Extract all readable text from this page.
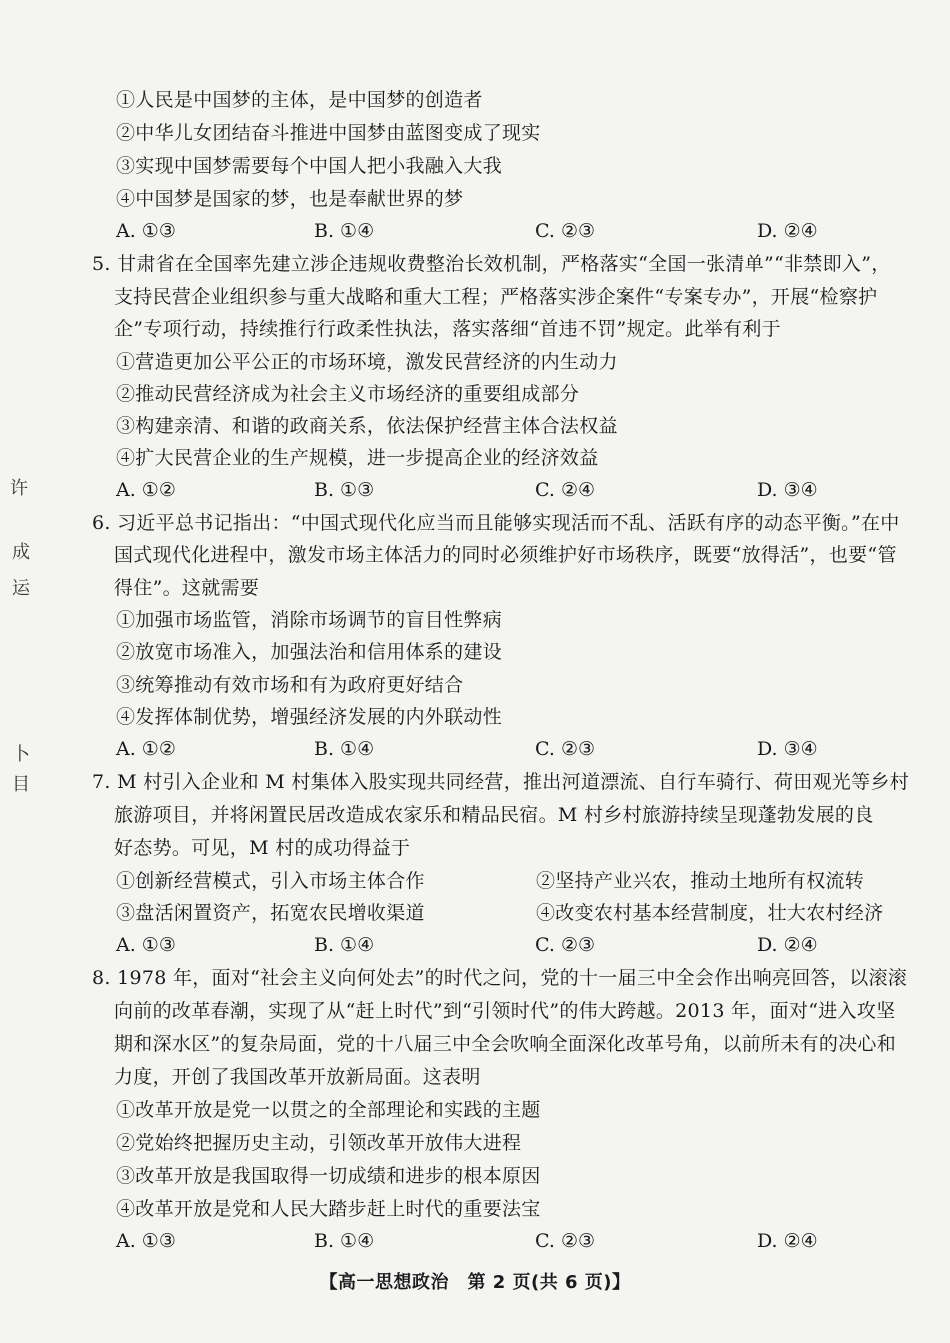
①人民是中国梦的主体，是中国梦的创造者
②中华儿女团结奋斗推进中国梦由蓝图变成了现实
③实现中国梦需要每个中国人把小我融入大我
④中国梦是国家的梦，也是奉献世界的梦
A. ①③	B. ①④	C. ②③	D. ②④
5. 甘肃省在全国率先建立涉企违规收费整治长效机制，严格落实“全国一张清单”“非禁即入”，
支持民营企业组织参与重大战略和重大工程；严格落实涉企案件“专案专办”，开展“检察护
企”专项行动，持续推行行政柔性执法，落实落细“首违不罚”规定。此举有利于
①营造更加公平公正的市场环境，激发民营经济的内生动力
②推动民营经济成为社会主义市场经济的重要组成部分
③构建亲清、和谐的政商关系，依法保护经营主体合法权益
④扩大民营企业的生产规模，进一步提高企业的经济效益
A. ①②	B. ①③	C. ②④	D. ③④
6. 习近平总书记指出：“中国式现代化应当而且能够实现活而不乱、活跃有序的动态平衡。”在中
国式现代化进程中，激发市场主体活力的同时必须维护好市场秩序，既要“放得活”，也要“管
得住”。这就需要
①加强市场监管，消除市场调节的盲目性弊病
②放宽市场准入，加强法治和信用体系的建设
③统筹推动有效市场和有为政府更好结合
④发挥体制优势，增强经济发展的内外联动性
A. ①②	B. ①④	C. ②③	D. ③④
7. M 村引入企业和 M 村集体入股实现共同经营，推出河道漂流、自行车骑行、荷田观光等乡村
旅游项目，并将闲置民居改造成农家乐和精品民宿。M 村乡村旅游持续呈现蓬勃发展的良
好态势。可见，M 村的成功得益于
①创新经营模式，引入市场主体合作	②坚持产业兴农，推动土地所有权流转
③盘活闲置资产，拓宽农民增收渠道	④改变农村基本经营制度，壮大农村经济
A. ①③	B. ①④	C. ②③	D. ②④
8. 1978 年，面对“社会主义向何处去”的时代之问，党的十一届三中全会作出响亮回答，以滚滚
向前的改革春潮，实现了从“赶上时代”到“引领时代”的伟大跨越。2013 年，面对“进入攻坚
期和深水区”的复杂局面，党的十八届三中全会吹响全面深化改革号角，以前所未有的决心和
力度，开创了我国改革开放新局面。这表明
①改革开放是党一以贯之的全部理论和实践的主题
②党始终把握历史主动，引领改革开放伟大进程
③改革开放是我国取得一切成绩和进步的根本原因
④改革开放是党和人民大踏步赶上时代的重要法宝
A. ①③	B. ①④	C. ②③	D. ②④
【高一思想政治　第 2 页(共 6 页)】
许
成
运
卜
目
